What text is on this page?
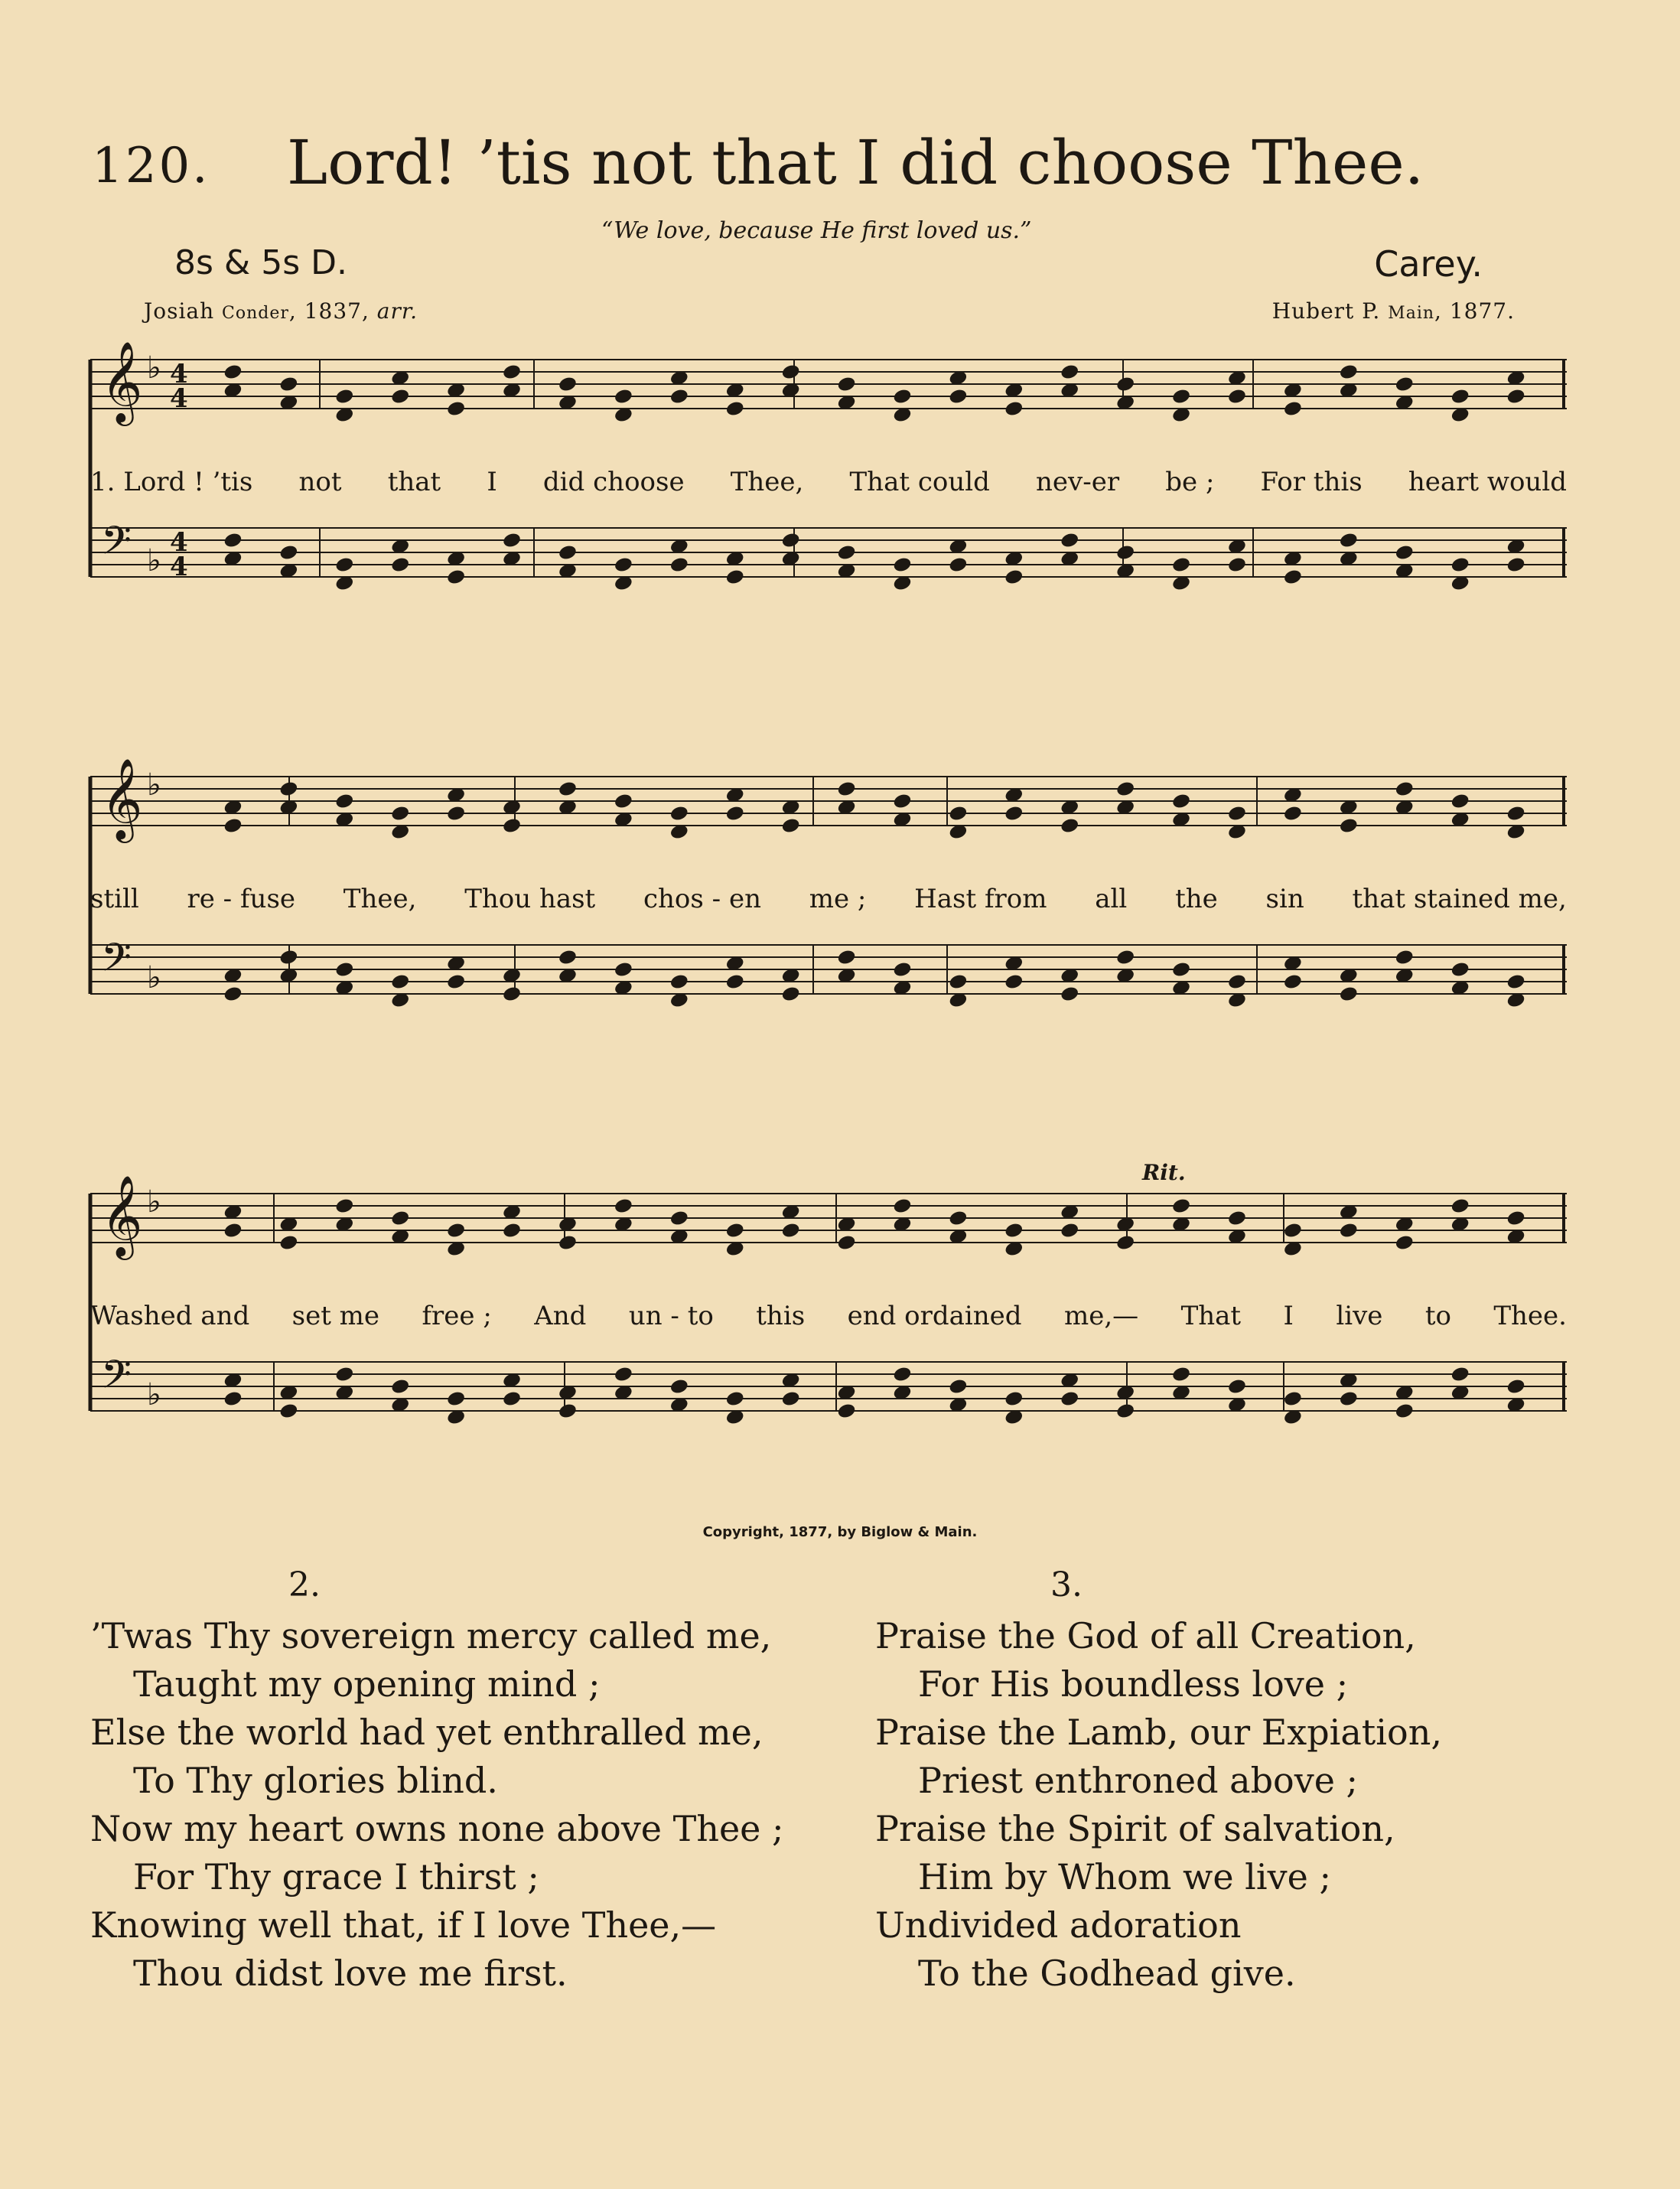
120. Lord! ’tis not that I did choose Thee.
“We love, because He first loved us.”
8s & 5s D.	Carey.
Josiah Conder, 1837, arr.	Hubert P. Main, 1877.
𝄞 ♭ 4
4
𝄢 ♭
4
4
1. Lord ! ’tis not that I did choose Thee, That could nev-er be ; For this heart would
𝄞 ♭
𝄢 ♭
still re - fuse Thee, Thou hast chos - en me ; Hast from all the sin that stained me,
𝄞 ♭
𝄢 ♭
Rit.
Washed and set me free ; And un - to this end ordained me,— That I live to Thee.
Copyright, 1877, by Biglow & Main.
2.
’Twas Thy sovereign mercy called me,
Taught my opening mind ;
Else the world had yet enthralled me,
To Thy glories blind.
Now my heart owns none above Thee ;
For Thy grace I thirst ;
Knowing well that, if I love Thee,—
Thou didst love me first.
3.
Praise the God of all Creation,
For His boundless love ;
Praise the Lamb, our Expiation,
Priest enthroned above ;
Praise the Spirit of salvation,
Him by Whom we live ;
Undivided adoration
To the Godhead give.
